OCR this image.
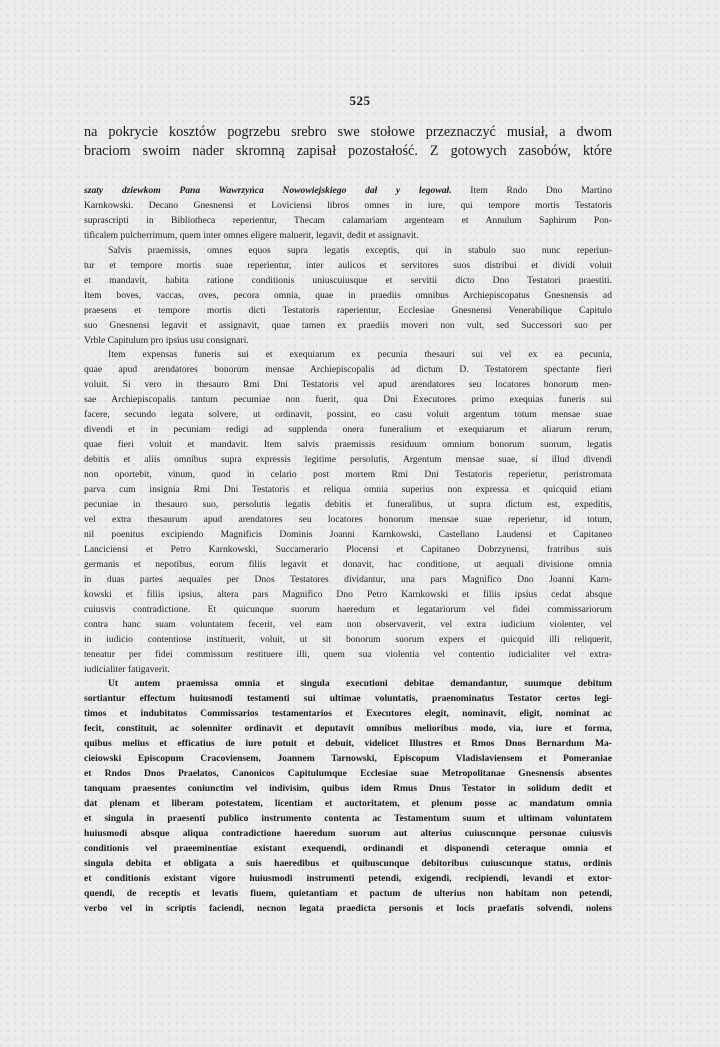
525
na pokrycie kosztów pogrzebu srebro swe stołowe przeznaczyć musiał, a dwom
braciom swoim nader skromną zapisał pozostałość. Z gotowych zasobów, które
szaty dziewkom Pana Wawrzyńca Nowowiejskiego dał y legował. Item Rndo Dno Martino
Karnkowski. Decano Gnesnensi et Loviciensi libros omnes in iure, qui tempore mortis Testatoris
suprascripti in Bibliotheca reperientur, Thecam calamariam argenteam et Annulum Saphirum Pon-
tificalem pulcherrimum, quem inter omnes eligere maluerit, legavit, dedit et assignavit.
Salvis praemissis, omnes equos supra legatis exceptis, qui in stabulo suo nunc reperiun-
tur et tempore mortis suae reperientur, inter aulicos et servitores suos distribui et dividi voluit
et mandavit, habita ratione conditionis uniuscuiusque et servitii dicto Dno Testatori praestiti.
Item boves, vaccas, oves, pecora omnia, quae in praediis omnibus Archiepiscopatus Gnesnensis ad
praesens et tempore mortis dicti Testatoris raperientur, Ecclesiae Gnesnensi Venerabilique Capitulo
suo Gnesnensi legavit et assignavit, quae tamen ex praediis moveri non vult, sed Successori suo per
Vrble Capitulum pro ipsius usu consignari.
Item expensas funeris sui et exequiarum ex pecunia thesauri sui vel ex ea pecunia,
quae apud arendatores bonorum mensae Archiepiscopalis ad dictum D. Testatorem spectante fieri
voluit. Si vero in thesauro Rmi Dni Testatoris vel apud arendatores seu locatores bonorum men-
sae Archiepiscopalis tantum pecumiae non fuerit, qua Dni Executores primo exequias funeris sui
facere, secundo legata solvere, ut ordinavit, possint, eo casu voluit argentum totum mensae suae
divendi et in pecuniam redigi ad supplenda onera funeralium et exequiarum et aliarum rerum,
quae fieri voluit et mandavit. Item salvis praemissis residuum omnium bonorum suorum, legatis
debitis et aliis omnibus supra expressis legitime persolutis, Argentum mensae suae, si illud divendi
non oportebit, vinum, quod in celario post mortem Rmi Dni Testatoris reperietur, peristromata
parva cum insignia Rmi Dni Testatoris et reliqua omnia superius non expressa et quicquid etiam
pecuniae in thesauro suo, persolutis legatis debitis et funeralibus, ut supra dictum est, expeditis,
vel extra thesaurum apud arendatores seu locatores bonorum mensae suae reperietur, id totum,
nil poenitus excipiendo Magnificis Dominis Joanni Karnkowski, Castellano Laudensi et Capitaneo
Lanciciensi et Petro Karnkowski, Succamerario Plocensi et Capitaneo Dobrzynensi, fratribus suis
germanis et nepotibus, eorum filiis legavit et donavit, hac conditione, ut aequali divisione omnia
in duas partes aequales per Dnos Testatores dividantur, una pars Magnifico Dno Joanni Karn-
kowski et filiis ipsius, altera pars Magnifico Dno Petro Karnkowski et filiis ipsius cedat absque
cuiusvis contradictione. Et quicunque suorum haeredum et legatariorum vel fidei commissariorum
contra hanc suam voluntatem fecerit, vel eam non observaverit, vel extra iudicium violenter, vel
in iudicio contentiose instituerit, voluit, ut sit bonorum suorum expers et quicquid illi reliquerit,
teneatur per fidei commissum restituere illi, quem sua violentia vel contentio iudicialiter vel extra-
iudicialiter fatigaverit.
Ut autem praemissa omnia et singula executioni debitae demandantur, suumque debitum
sortiantur effectum huiusmodi testamenti sui ultimae voluntatis, praenominatus Testator certos legi-
timos et indubitatos Commissarios testamentarios et Executores elegit, nominavit, eligit, nominat ac
fecit, constituit, ac solenniter ordinavit et deputavit omnibus melioribus modo, via, iure et forma,
quibus melius et efficatius de iure potuit et debuit, videlicet Illustres et Rmos Dnos Bernardum Ma-
cieiowski Episcopum Cracoviensem, Joannem Tarnowski, Episcopum Vladislaviensem et Pomeraniae
et Rndos Dnos Praelatos, Canonicos Capitulumque Ecclesiae suae Metropolitanae Gnesnensis absentes
tanquam praesentes coniunctim vel indivisim, quibus idem Rmus Dnus Testator in solidum dedit et
dat plenam et liberam potestatem, licentiam et auctoritatem, et plenum posse ac mandatum omnia
et singula in praesenti publico instrumento contenta ac Testamentum suum et ultimam voluntatem
huiusmodi absque aliqua contradictione haeredum suorum aut alterius cuiuscunque personae cuiusvis
conditionis vel praeeminentiae existant exequendi, ordinandi et disponendi ceteraque omnia et
singula debita et obligata a suis haeredibus et quibuscunque debitoribus cuiuscunque status, ordinis
et conditionis existant vigore huiusmodi instrumenti petendi, exigendi, recipiendi, levandi et extor-
quendi, de receptis et levatis fiuem, quietantiam et pactum de ulterius non habitam non petendi,
verbo vel in scriptis faciendi, necnon legata praedicta personis et locis praefatis solvendi, nolens
